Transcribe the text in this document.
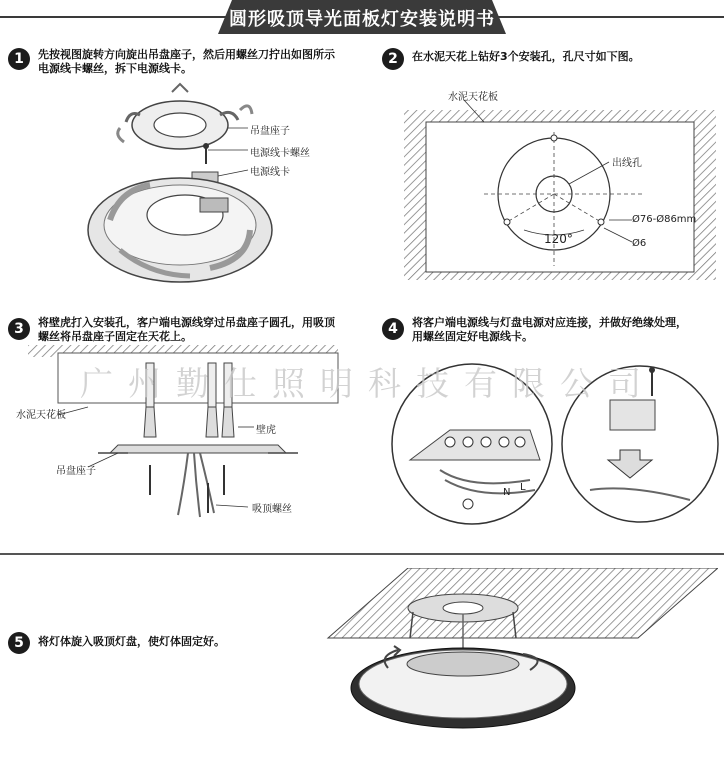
圆形吸顶导光面板灯安装说明书
1	先按视图旋转方向旋出吊盘座子，然后用螺丝刀拧出如图所示
电源线卡螺丝，拆下电源线卡。
吊盘座子
电源线卡螺丝
电源线卡
2	在水泥天花上钻好3个安装孔，孔尺寸如下图。
水泥天花板
出线孔
Ø76-Ø86mm
120°	Ø6
3	将壁虎打入安装孔，客户端电源线穿过吊盘座子圆孔，用吸顶
螺丝将吊盘座子固定在天花上。
水泥天花板
壁虎
吊盘座子
吸顶螺丝
4	将客户端电源线与灯盘电源对应连接，并做好绝缘处理，
用螺丝固定好电源线卡。
N L
广州勤仕照明科技有限公司
5	将灯体旋入吸顶灯盘，使灯体固定好。
